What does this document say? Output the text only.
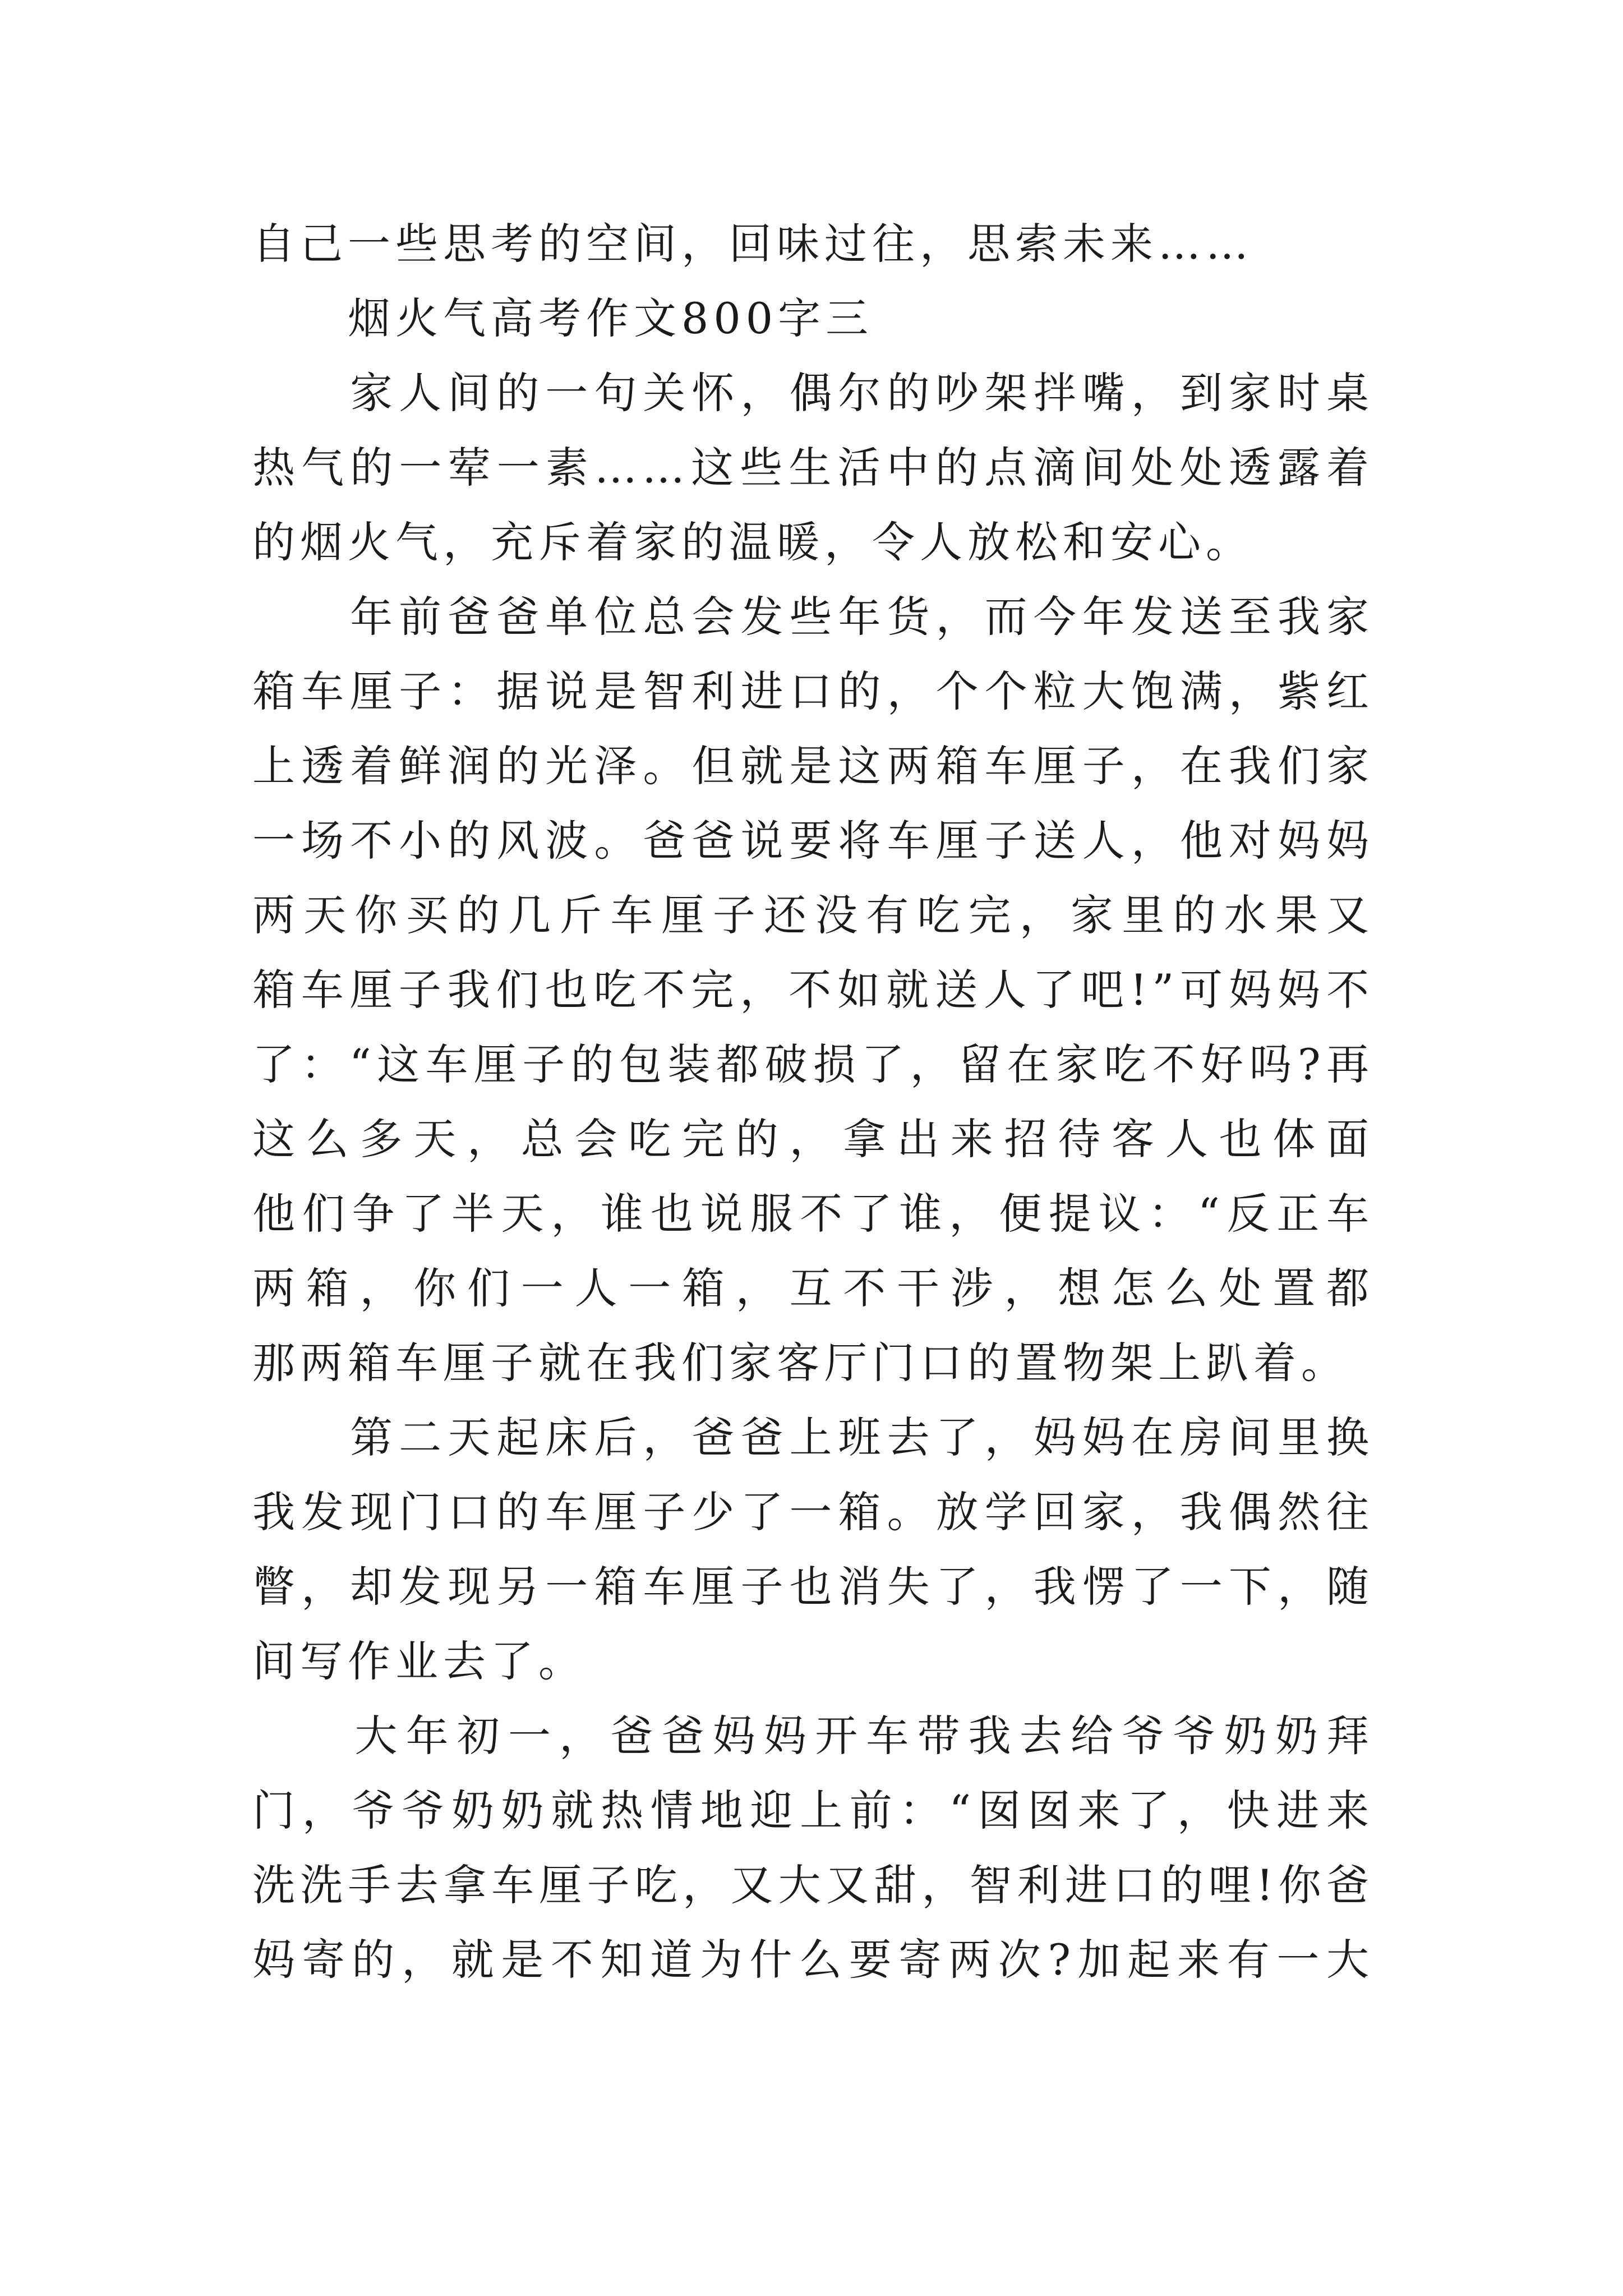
自己一些思考的空间，回味过往，思索未来……
　　烟火气高考作文800字三
　　家人间的一句关怀，偶尔的吵架拌嘴，到家时桌
热气的一荤一素……这些生活中的点滴间处处透露着
的烟火气，充斥着家的温暖，令人放松和安心。
　　年前爸爸单位总会发些年货，而今年发送至我家
箱车厘子：据说是智利进口的，个个粒大饱满，紫红
上透着鲜润的光泽。但就是这两箱车厘子，在我们家
一场不小的风波。爸爸说要将车厘子送人，他对妈妈
两天你买的几斤车厘子还没有吃完，家里的水果又
箱车厘子我们也吃不完，不如就送人了吧!”可妈妈不
了：“这车厘子的包装都破损了，留在家吃不好吗?再
这么多天，总会吃完的，拿出来招待客人也体面
他们争了半天，谁也说服不了谁，便提议：“反正车
两箱，你们一人一箱，互不干涉，想怎么处置都
那两箱车厘子就在我们家客厅门口的置物架上趴着。
　　第二天起床后，爸爸上班去了，妈妈在房间里换
我发现门口的车厘子少了一箱。放学回家，我偶然往
瞥，却发现另一箱车厘子也消失了，我愣了一下，随
间写作业去了。
　　大年初一，爸爸妈妈开车带我去给爷爷奶奶拜
门，爷爷奶奶就热情地迎上前：“囡囡来了，快进来
洗洗手去拿车厘子吃，又大又甜，智利进口的哩!你爸
妈寄的，就是不知道为什么要寄两次?加起来有一大
